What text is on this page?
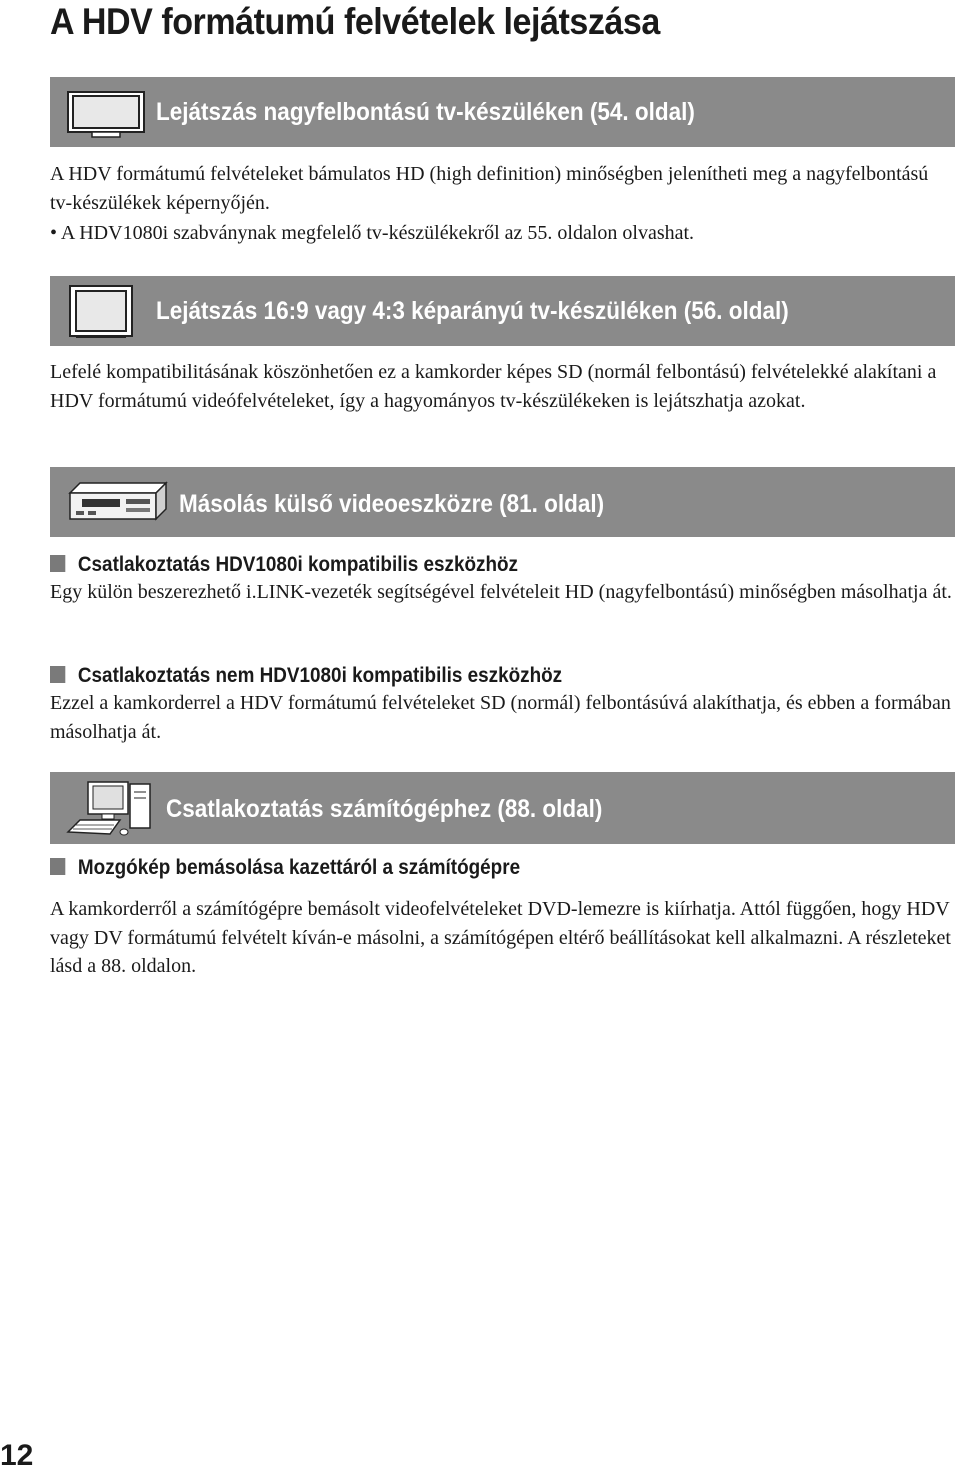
A HDV formátumú felvételek lejátszása
Lejátszás nagyfelbontású tv-készüléken (54. oldal)

A HDV formátumú felvételeket bámulatos HD (high definition) minőségben jelenítheti meg a nagyfelbontású tv-készülékek képernyőjén.

• A HDV1080i szabványnak megfelelő tv-készülékekről az 55. oldalon olvashat.

Lejátszás 16:9 vagy 4:3 képarányú tv-készüléken (56. oldal)

Lefelé kompatibilitásának köszönhetően ez a kamkorder képes SD (normál felbontású) felvételekké alakítani a HDV formátumú videófelvételeket, így a hagyományos tv-készülékeken is lejátszhatja azokat.

Másolás külső videoeszközre (81. oldal)
Csatlakoztatás HDV1080i kompatibilis eszközhöz

Egy külön beszerezhető i.LINK-vezeték segítségével felvételeit HD (nagyfelbontású) minőségben másolhatja át.

Csatlakoztatás nem HDV1080i kompatibilis eszközhöz

Ezzel a kamkorderrel a HDV formátumú felvételeket SD (normál) felbontásúvá alakíthatja, és ebben a formában másolhatja át.

Csatlakoztatás számítógéphez (88. oldal)
Mozgókép bemásolása kazettáról a számítógépre

A kamkorderről a számítógépre bemásolt videofelvételeket DVD-lemezre is kiírhatja. Attól függően, hogy HDV vagy DV formátumú felvételt kíván-e másolni, a számítógépen eltérő beállításokat kell alkalmazni. A részleteket lásd a 88. oldalon.

12
